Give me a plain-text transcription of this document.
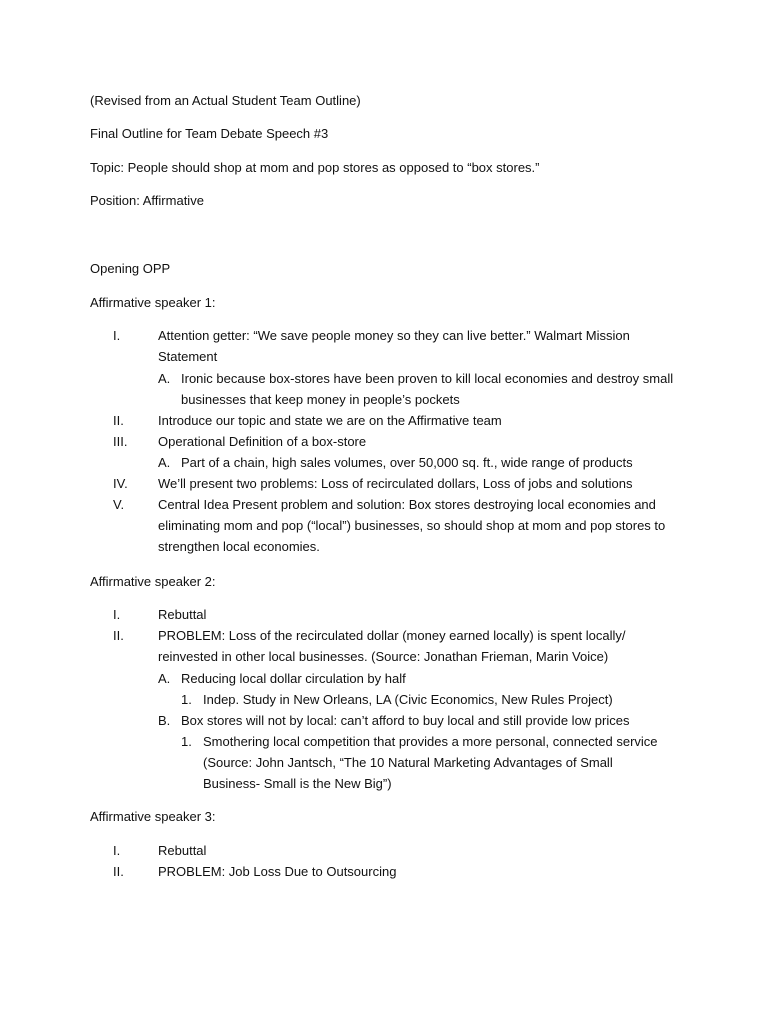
(Revised from an Actual Student Team Outline)
Final Outline for Team Debate Speech #3
Topic: People should shop at mom and pop stores as opposed to “box stores.”
Position: Affirmative
Opening OPP
Affirmative speaker 1:
I.	Attention getter: “We save people money so they can live better.” Walmart Mission Statement
A. Ironic because box-stores have been proven to kill local economies and destroy small businesses that keep money in people’s pockets
II.	Introduce our topic and state we are on the Affirmative team
III. Operational Definition of a box-store
A. Part of a chain, high sales volumes, over 50,000 sq. ft., wide range of products
IV. We’ll present two problems: Loss of recirculated dollars, Loss of jobs and solutions
V.	Central Idea Present problem and solution: Box stores destroying local economies and eliminating mom and pop (“local”) businesses, so should shop at mom and pop stores to strengthen local economies.
Affirmative speaker 2:
I.	Rebuttal
II.	PROBLEM: Loss of the recirculated dollar (money earned locally) is spent locally/ reinvested in other local businesses. (Source: Jonathan Frieman, Marin Voice)
A. Reducing local dollar circulation by half
1. Indep. Study in New Orleans, LA (Civic Economics, New Rules Project)
B. Box stores will not by local: can’t afford to buy local and still provide low prices
1. Smothering local competition that provides a more personal, connected service (Source: John Jantsch, “The 10 Natural Marketing Advantages of Small Business- Small is the New Big”)
Affirmative speaker 3:
I.	Rebuttal
II.	PROBLEM: Job Loss Due to Outsourcing
